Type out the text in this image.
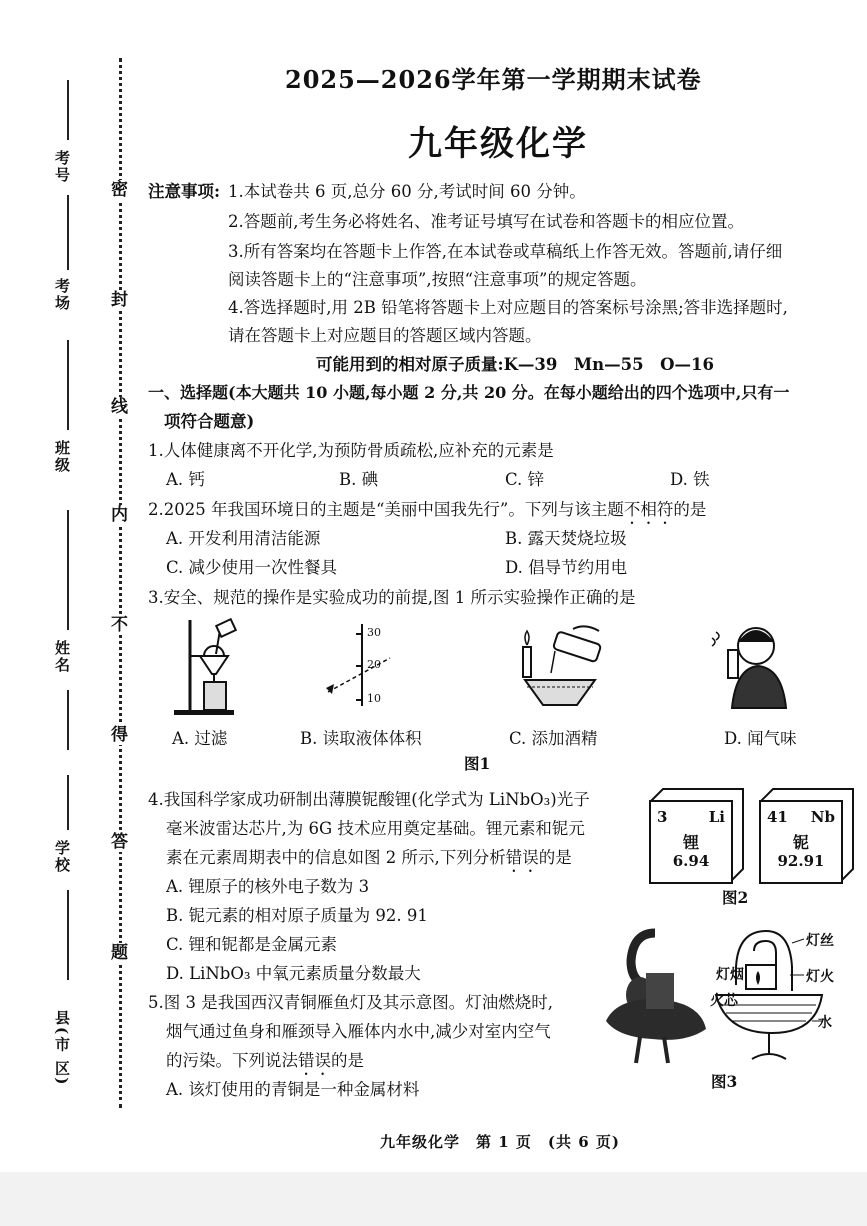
考号
考场
班级
姓名
学校
县(市 区)
密
封
线
内
不
得
答
题
2025—2026学年第一学期期末试卷
九年级化学
注意事项: 1.本试卷共 6 页,总分 60 分,考试时间 60 分钟。
2.答题前,考生务必将姓名、准考证号填写在试卷和答题卡的相应位置。
3.所有答案均在答题卡上作答,在本试卷或草稿纸上作答无效。答题前,请仔细
阅读答题卡上的“注意事项”,按照“注意事项”的规定答题。
4.答选择题时,用 2B 铅笔将答题卡上对应题目的答案标号涂黑;答非选择题时,
请在答题卡上对应题目的答题区域内答题。
可能用到的相对原子质量:K—39　Mn—55　O—16
一、选择题(本大题共 10 小题,每小题 2 分,共 20 分。在每小题给出的四个选项中,只有一
项符合题意)
1.人体健康离不开化学,为预防骨质疏松,应补充的元素是
A. 钙	B. 碘	C. 锌	D. 铁
2.2025 年我国环境日的主题是“美丽中国我先行”。下列与该主题不相符的是
A. 开发利用清洁能源	B. 露天焚烧垃圾
C. 减少使用一次性餐具	D. 倡导节约用电
3.安全、规范的操作是实验成功的前提,图 1 所示实验操作正确的是
A. 过滤
30
20
10
B. 读取液体体积	C. 添加酒精	D. 闻气味
图1
4.我国科学家成功研制出薄膜铌酸锂(化学式为 LiNbO₃)光子
毫米波雷达芯片,为 6G 技术应用奠定基础。锂元素和铌元
素在元素周期表中的信息如图 2 所示,下列分析错误的是
A. 锂原子的核外电子数为 3
B. 铌元素的相对原子质量为 92. 91
C. 锂和铌都是金属元素
D. LiNbO₃ 中氧元素质量分数最大
3	Li
锂
6.94
41 Nb
铌
92.91
图2
5.图 3 是我国西汉青铜雁鱼灯及其示意图。灯油燃烧时,
烟气通过鱼身和雁颈导入雁体内水中,减少对室内空气
的污染。下列说法错误的是
A. 该灯使用的青铜是一种金属材料
灯丝
灯烟	灯火
火芯
水
图3
九年级化学　第 1 页　(共 6 页)
